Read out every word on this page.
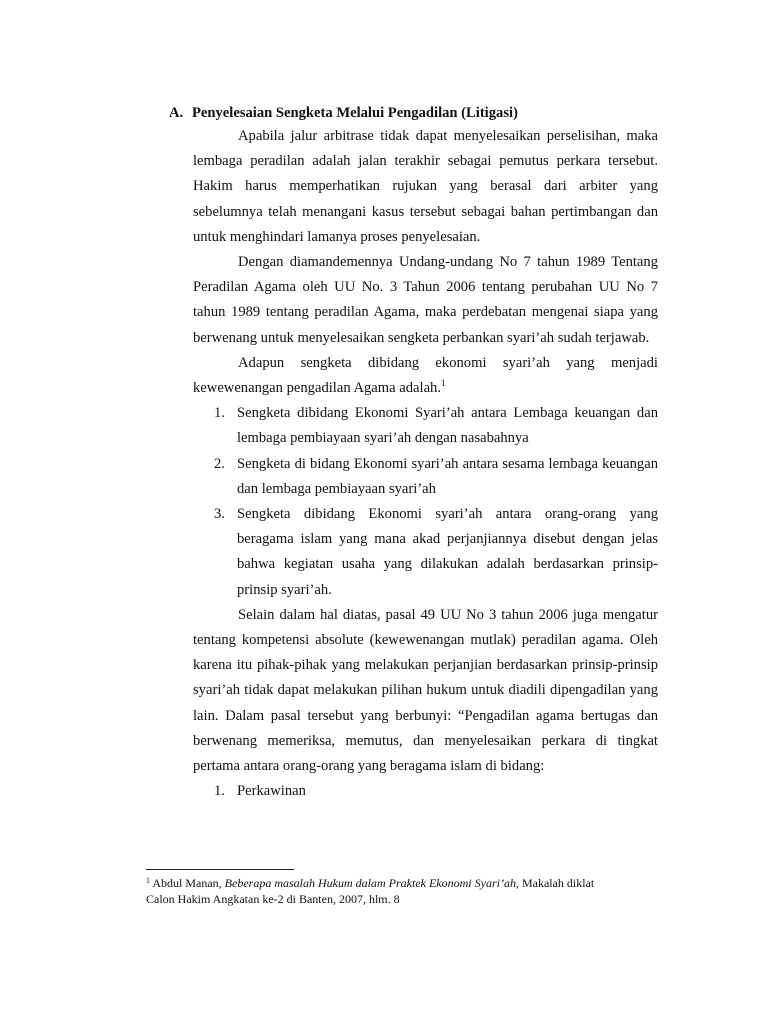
A. Penyelesaian Sengketa Melalui Pengadilan (Litigasi)

Apabila jalur arbitrase tidak dapat menyelesaikan perselisihan, maka lembaga peradilan adalah jalan terakhir sebagai pemutus perkara tersebut. Hakim harus memperhatikan rujukan yang berasal dari arbiter yang sebelumnya telah menangani kasus tersebut sebagai bahan pertimbangan dan untuk menghindari lamanya proses penyelesaian.

Dengan diamandemennya Undang-undang No 7 tahun 1989 Tentang Peradilan Agama oleh UU No. 3 Tahun 2006 tentang perubahan UU No 7 tahun 1989 tentang peradilan Agama, maka perdebatan mengenai siapa yang berwenang untuk menyelesaikan sengketa perbankan syari’ah sudah terjawab.

Adapun sengketa dibidang ekonomi syari’ah yang menjadi kewewenangan pengadilan Agama adalah.$^1$

1. Sengketa dibidang Ekonomi Syari’ah antara Lembaga keuangan dan lembaga pembiayaan syari’ah dengan nasabahnya
2. Sengketa di bidang Ekonomi syari’ah antara sesama lembaga keuangan dan lembaga pembiayaan syari’ah
3. Sengketa dibidang Ekonomi syari’ah antara orang-orang yang beragama islam yang mana akad perjanjiannya disebut dengan jelas bahwa kegiatan usaha yang dilakukan adalah berdasarkan prinsip-prinsip syari’ah.

Selain dalam hal diatas, pasal 49 UU No 3 tahun 2006 juga mengatur tentang kompetensi absolute (kewewenangan mutlak) peradilan agama. Oleh karena itu pihak-pihak yang melakukan perjanjian berdasarkan prinsip-prinsip syari’ah tidak dapat melakukan pilihan hukum untuk diadili dipengadilan yang lain. Dalam pasal tersebut yang berbunyi: “Pengadilan agama bertugas dan berwenang memeriksa, memutus, dan menyelesaikan perkara di tingkat pertama antara orang-orang yang beragama islam di bidang:

1. Perkawinan
$^1$ Abdul Manan, Beberapa masalah Hukum dalam Praktek Ekonomi Syari’ah, Makalah diklat
Calon Hakim Angkatan ke-2 di Banten, 2007, hlm. 8
